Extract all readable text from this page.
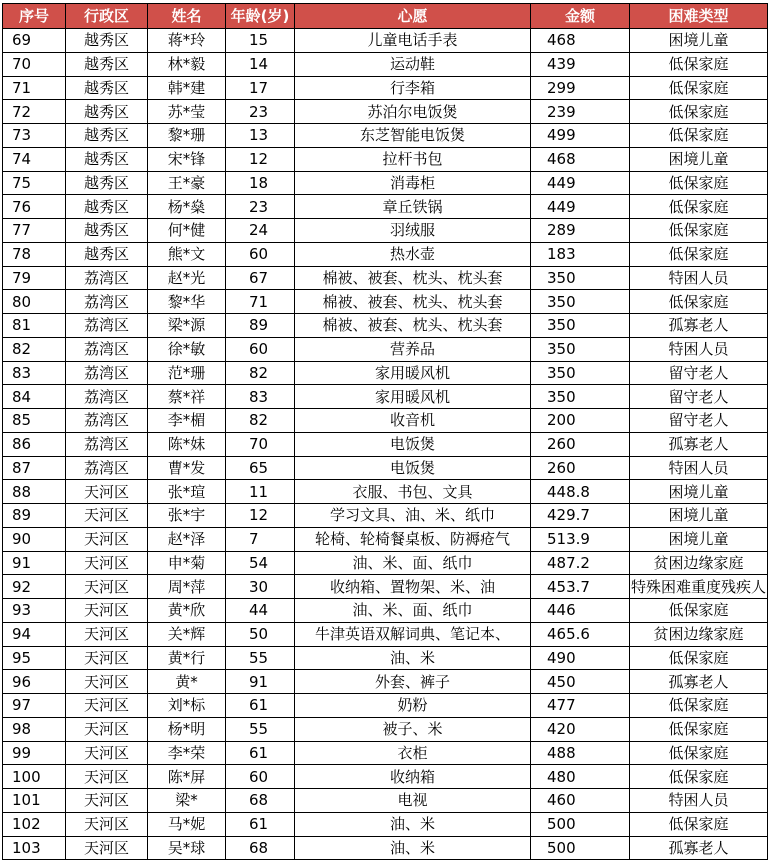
序号	行政区	姓名	年龄(岁)	心愿	金额	困难类型
69	越秀区	蒋*玲	15	儿童电话手表	468	困境儿童
70	越秀区	林*毅	14	运动鞋	439	低保家庭
71	越秀区	韩*建	17	行李箱	299	低保家庭
72	越秀区	苏*莹	23	苏泊尔电饭煲	239	低保家庭
73	越秀区	黎*珊	13	东芝智能电饭煲	499	低保家庭
74	越秀区	宋*锋	12	拉杆书包	468	困境儿童
75	越秀区	王*豪	18	消毒柜	449	低保家庭
76	越秀区	杨*燊	23	章丘铁锅	449	低保家庭
77	越秀区	何*健	24	羽绒服	289	低保家庭
78	越秀区	熊*文	60	热水壶	183	低保家庭
79	荔湾区	赵*光	67	棉被、被套、枕头、枕头套	350	特困人员
80	荔湾区	黎*华	71	棉被、被套、枕头、枕头套	350	低保家庭
81	荔湾区	梁*源	89	棉被、被套、枕头、枕头套	350	孤寡老人
82	荔湾区	徐*敏	60	营养品	350	特困人员
83	荔湾区	范*珊	82	家用暖风机	350	留守老人
84	荔湾区	蔡*祥	83	家用暖风机	350	留守老人
85	荔湾区	李*楣	82	收音机	200	留守老人
86	荔湾区	陈*妹	70	电饭煲	260	孤寡老人
87	荔湾区	曹*发	65	电饭煲	260	特困人员
88	天河区	张*瑄	11	衣服、书包、文具	448.8	困境儿童
89	天河区	张*宇	12	学习文具、油、米、纸巾	429.7	困境儿童
90	天河区	赵*泽	7	轮椅、轮椅餐桌板、防褥疮气	513.9	困境儿童
91	天河区	申*菊	54	油、米、面、纸巾	487.2	贫困边缘家庭
92	天河区	周*萍	30	收纳箱、置物架、米、油	453.7	特殊困难重度残疾人
93	天河区	黄*欣	44	油、米、面、纸巾	446	低保家庭
94	天河区	关*辉	50	牛津英语双解词典、笔记本、	465.6	贫困边缘家庭
95	天河区	黄*行	55	油、米	490	低保家庭
96	天河区	黄*	91	外套、裤子	450	孤寡老人
97	天河区	刘*标	61	奶粉	477	低保家庭
98	天河区	杨*明	55	被子、米	420	低保家庭
99	天河区	李*荣	61	衣柜	488	低保家庭
100	天河区	陈*屏	60	收纳箱	480	低保家庭
101	天河区	梁*	68	电视	460	特困人员
102	天河区	马*妮	61	油、米	500	低保家庭
103	天河区	吴*球	68	油、米	500	孤寡老人
